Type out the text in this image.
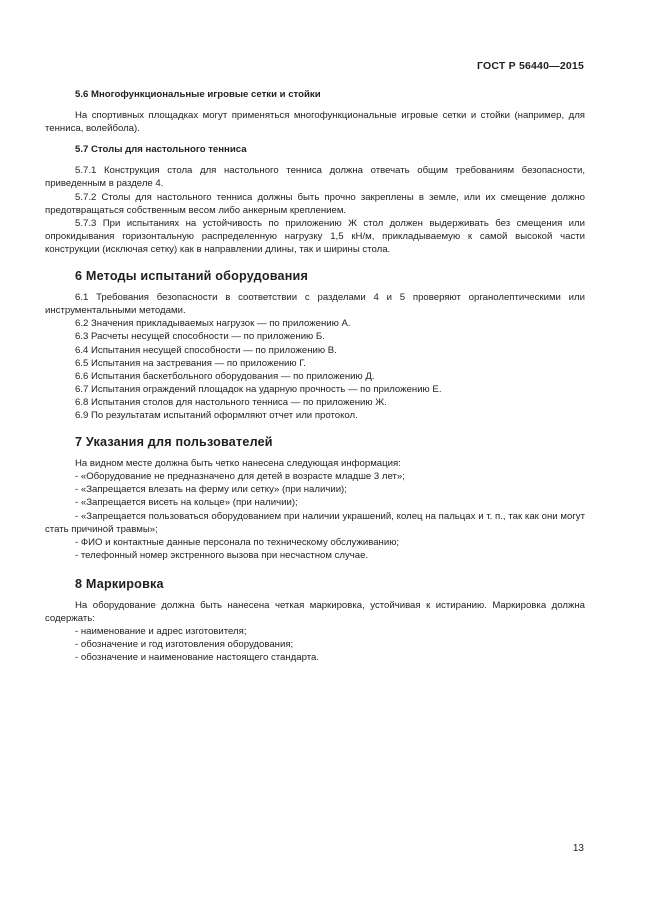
ГОСТ Р 56440—2015
5.6 Многофункциональные игровые сетки и стойки

На спортивных площадках могут применяться многофункциональные игровые сетки и стойки (например, для тенниса, волейбола).

5.7 Столы для настольного тенниса

5.7.1 Конструкция стола для настольного тенниса должна отвечать общим требованиям безопасности, приведенным в разделе 4.

5.7.2 Столы для настольного тенниса должны быть прочно закреплены в земле, или их смещение должно предотвращаться собственным весом либо анкерным креплением.

5.7.3 При испытаниях на устойчивость по приложению Ж стол должен выдерживать без смещения или опрокидывания горизонтальную распределенную нагрузку 1,5 кН/м, прикладываемую к самой высокой части конструкции (исключая сетку) как в направлении длины, так и ширины стола.

6 Методы испытаний оборудования

6.1 Требования безопасности в соответствии с разделами 4 и 5 проверяют органолептическими или инструментальными методами.

6.2 Значения прикладываемых нагрузок — по приложению А.

6.3 Расчеты несущей способности — по приложению Б.

6.4 Испытания несущей способности — по приложению В.

6.5 Испытания на застревания — по приложению Г.

6.6 Испытания баскетбольного оборудования — по приложению Д.

6.7 Испытания ограждений площадок на ударную прочность — по приложению Е.

6.8 Испытания столов для настольного тенниса — по приложению Ж.

6.9 По результатам испытаний оформляют отчет или протокол.

7 Указания для пользователей

На видном месте должна быть четко нанесена следующая информация:

- «Оборудование не предназначено для детей в возрасте младше 3 лет»;

- «Запрещается влезать на ферму или сетку» (при наличии);

- «Запрещается висеть на кольце» (при наличии);

- «Запрещается пользоваться оборудованием при наличии украшений, колец на пальцах и т. п., так как они могут стать причиной травмы»;

- ФИО и контактные данные персонала по техническому обслуживанию;

- телефонный номер экстренного вызова при несчастном случае.

8 Маркировка

На оборудование должна быть нанесена четкая маркировка, устойчивая к истиранию. Маркировка должна содержать:

- наименование и адрес изготовителя;

- обозначение и год изготовления оборудования;

- обозначение и наименование настоящего стандарта.

13
